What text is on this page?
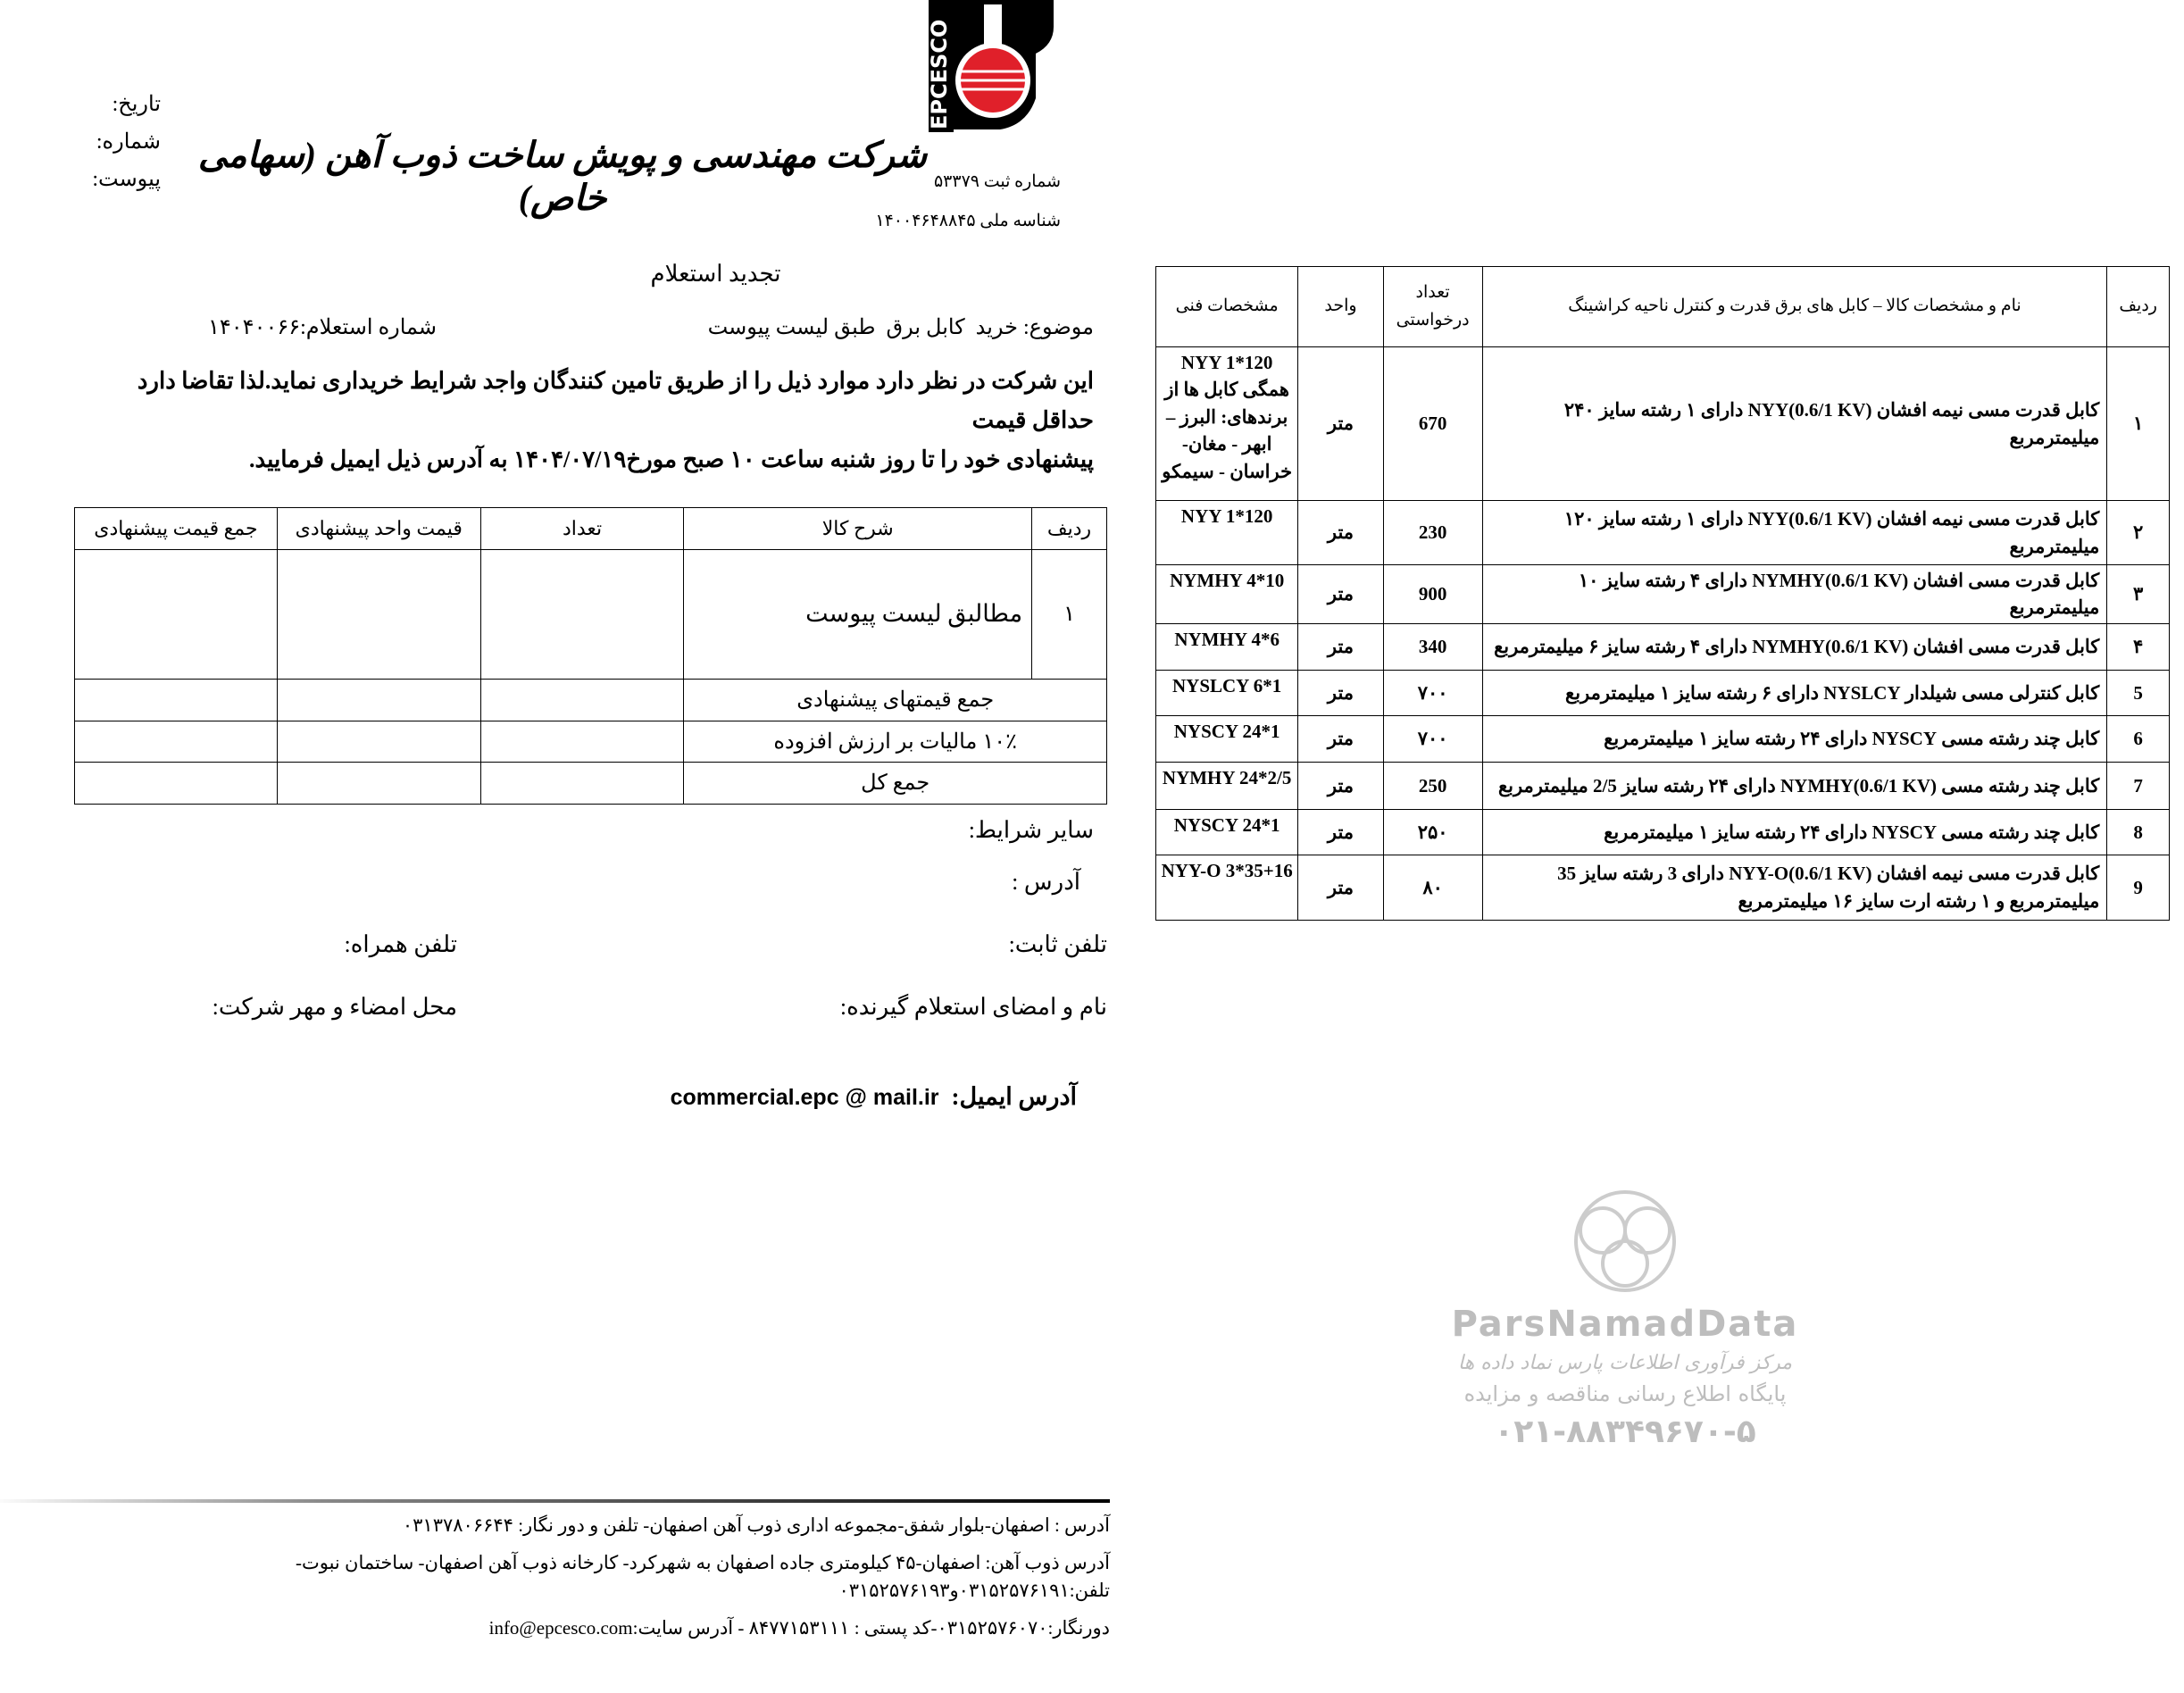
EPCESCO
تاریخ:
شماره:
پیوست:
شرکت مهندسی و پویش ساخت ذوب آهن (سهامی خاص)	شماره ثبت ۵۳۳۷۹
شناسه ملی ۱۴۰۰۴۶۴۸۸۴۵
تجدید استعلام
موضوع: خرید  کابل برق  طبق لیست پیوست
شماره استعلام:۱۴۰۴۰۰۶۶
این شرکت در نظر دارد موارد ذیل را از طریق تامین کنندگان واجد شرایط خریداری نماید.لذا تقاضا دارد حداقل قیمت
پیشنهادی خود را تا روز شنبه ساعت ۱۰ صبح مورخ۱۴۰۴/۰۷/۱۹ به آدرس ذیل ایمیل فرمایید.
ردیف	شرح کالا	تعداد	قیمت واحد پیشنهادی	جمع قیمت پیشنهادی
۱	مطالبق لیست پیوست			
جمع قیمتهای پیشنهادی				
۱۰٪ مالیات بر ارزش افزوده				
جمع کل				
سایر شرایط:
آدرس :
تلفن ثابت:
تلفن همراه:
نام و امضای استعلام گیرنده:
محل امضاء و مهر شرکت:
آدرس ایمیل:
commercial.epc @ mail.ir
ردیف	نام و مشخصات کالا – کابل های برق قدرت و کنترل ناحیه کراشینگ	تعداد درخواستی	واحد	مشخصات فنی
۱	کابل قدرت مسی نیمه افشان (NYY(0.6/1 KV دارای ۱ رشته سایز ۲۴۰ میلیمترمربع	670	متر	NYY 1*120 همگی کابل ها از برندهای: البرز – ابهر - مغان- خراسان - سیمکو
۲	کابل قدرت مسی نیمه افشان (NYY(0.6/1 KV دارای ۱ رشته سایز ۱۲۰ میلیمترمربع	230	متر	NYY 1*120
۳	کابل قدرت مسی افشان (NYMHY(0.6/1 KV دارای ۴ رشته سایز ۱۰ میلیمترمربع	900	متر	NYMHY 4*10
۴	کابل قدرت مسی افشان (NYMHY(0.6/1 KV دارای ۴ رشته سایز ۶ میلیمترمربع	340	متر	NYMHY 4*6
5	کابل کنترلی مسی شیلدار NYSLCY دارای ۶ رشته سایز ۱ میلیمترمربع	۷۰۰	متر	NYSLCY 6*1
6	کابل چند رشته مسی NYSCY دارای ۲۴ رشته سایز ۱ میلیمترمربع	۷۰۰	متر	NYSCY 24*1
7	کابل چند رشته مسی (NYMHY(0.6/1 KV دارای ۲۴ رشته سایز 2/5 میلیمترمربع	250	متر	NYMHY 24*2/5
8	کابل چند رشته مسی NYSCY دارای ۲۴ رشته سایز ۱ میلیمترمربع	۲۵۰	متر	NYSCY 24*1
9	کابل قدرت مسی نیمه افشان (NYY-O(0.6/1 KV دارای 3 رشته سایز 35 میلیمترمربع و ۱ رشته ارت سایز ۱۶ میلیمترمربع	۸۰	متر	NYY-O 3*35+16
ParsNamadData
مرکز فرآوری اطلاعات پارس نماد داده ها
پایگاه اطلاع رسانی مناقصه و مزایده
۰۲۱-۸۸۳۴۹۶۷۰-۵
آدرس : اصفهان-بلوار شفق-مجموعه اداری ذوب آهن اصفهان- تلفن و دور نگار: ۰۳۱۳۷۸۰۶۶۴۴
آدرس ذوب آهن: اصفهان-۴۵ کیلومتری جاده اصفهان به شهرکرد- کارخانه ذوب آهن اصفهان- ساختمان نبوت- تلفن:۰۳۱۵۲۵۷۶۱۹۱و۰۳۱۵۲۵۷۶۱۹۳
دورنگار:۰۳۱۵۲۵۷۶۰۷۰-کد پستی : ۸۴۷۷۱۵۳۱۱۱ - آدرس سایت:info@epcesco.com
